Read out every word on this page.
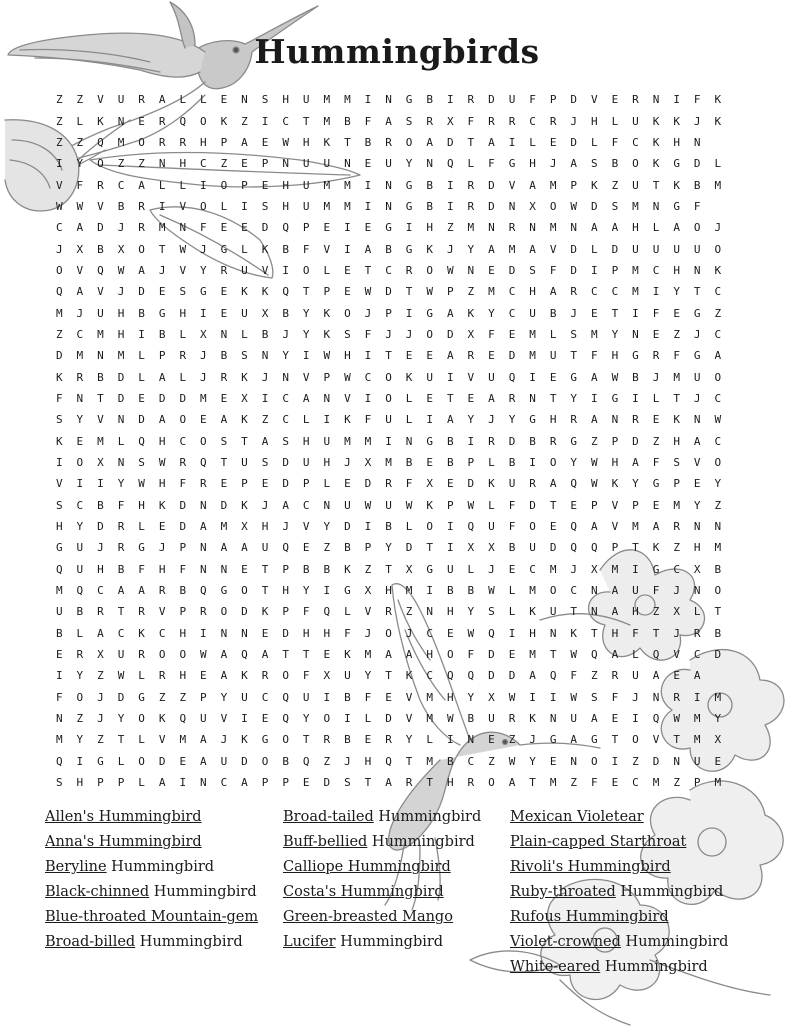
Hummingbirds
Z	Z	V	U	R	A	L	L	E	N	S	H	U	M	M	I	N	G	B	I	R	D	U	F	P	D	V	E	R	N	I	F	K
Z	L	K	N	E	R	Q	O	K	Z	I	C	T	M	B	F	A	S	R	X	F	R	R	C	R	J	H	L	U	K	K	J	K
Z	Z	Q	M	O	R	R	H	P	A	E	W	H	K	T	B	R	O	A	D	T	A	I	L	E	D	L	F	C	K	H	N
I	Y	O	Z	Z	N	H	C	Z	E	P	N	U	U	N	E	U	Y	N	Q	L	F	G	H	J	A	S	B	O	K	G	D	L
V	F	R	C	A	L	L	I	O	P	E	H	U	M	M	I	N	G	B	I	R	D	V	A	M	P	K	Z	U	T	K	B	M
W	W	V	B	R	I	V	O	L	I	S	H	U	M	M	I	N	G	B	I	R	D	N	X	O	W	D	S	M	N	G	F
C	A	D	J	R	M	N	F	E	E	D	Q	P	E	I	E	G	I	H	Z	M	N	R	N	M	N	A	A	H	L	A	O	J
J	X	B	X	O	T	W	J	G	L	K	B	F	V	I	A	B	G	K	J	Y	A	M	A	V	D	L	D	U	U	U	U	O
O	V	Q	W	A	J	V	Y	R	U	V	I	O	L	E	T	C	R	O	W	N	E	D	S	F	D	I	P	M	C	H	N	K
Q	A	V	J	D	E	S	G	E	K	K	Q	T	P	E	W	D	T	W	P	Z	M	C	H	A	R	C	C	M	I	Y	T	C
M	J	U	H	B	G	H	I	E	U	X	B	Y	K	O	J	P	I	G	A	K	Y	C	U	B	J	E	T	I	F	E	G	Z
Z	C	M	H	I	B	L	X	N	L	B	J	Y	K	S	F	J	J	O	D	X	F	E	M	L	S	M	Y	N	E	Z	J	C
D	M	N	M	L	P	R	J	B	S	N	Y	I	W	H	I	T	E	E	A	R	E	D	M	U	T	F	H	G	R	F	G	A
K	R	B	D	L	A	L	J	R	K	J	N	V	P	W	C	O	K	U	I	V	U	Q	I	E	G	A	W	B	J	M	U	O
F	N	T	D	E	D	D	M	E	X	I	C	A	N	V	I	O	L	E	T	E	A	R	N	T	Y	I	G	I	L	T	J	C
S	Y	V	N	D	A	O	E	A	K	Z	C	L	I	K	F	U	L	I	A	Y	J	Y	G	H	R	A	N	R	E	K	N	W
K	E	M	L	Q	H	C	O	S	T	A	S	H	U	M	M	I	N	G	B	I	R	D	B	R	G	Z	P	D	Z	H	A	C
I	O	X	N	S	W	R	Q	T	U	S	D	U	H	J	X	M	B	E	B	P	L	B	I	O	Y	W	H	A	F	S	V	O
V	I	I	Y	W	H	F	R	E	P	E	D	P	L	E	D	R	F	X	E	D	K	U	R	A	Q	W	K	Y	G	P	E	Y
S	C	B	F	H	K	D	N	D	K	J	A	C	N	U	W	U	W	K	P	W	L	F	D	T	E	P	V	P	E	M	Y	Z
H	Y	D	R	L	E	D	A	M	X	H	J	V	Y	D	I	B	L	O	I	Q	U	F	O	E	Q	A	V	M	A	R	N	N
G	U	J	R	G	J	P	N	A	A	U	Q	E	Z	B	P	Y	D	T	I	X	X	B	U	D	Q	Q	P	T	K	Z	H	M
Q	U	H	B	F	H	F	N	N	E	T	P	B	B	K	Z	T	X	G	U	L	J	E	C	M	J	X	M	I	G	C	X	B
M	Q	C	A	A	R	B	Q	G	O	T	H	Y	I	G	X	H	M	I	B	B	W	L	M	O	C	N	A	U	F	J	N	O
U	B	R	T	R	V	P	R	O	D	K	P	F	Q	L	V	R	Z	N	H	Y	S	L	K	U	T	N	A	H	Z	X	L	T
B	L	A	C	K	C	H	I	N	N	E	D	H	H	F	J	O	J	C	E	W	Q	I	H	N	K	T	H	F	T	J	R	B
E	R	X	U	R	O	O	W	A	Q	A	T	T	E	K	M	A	A	H	O	F	D	E	M	T	W	Q	A	L	Q	V	C	D
I	Y	Z	W	L	R	H	E	A	K	R	O	F	X	U	Y	T	K	C	Q	Q	D	D	A	Q	F	Z	R	U	A	E	A
F	O	J	D	G	Z	Z	P	Y	U	C	Q	U	I	B	F	E	V	M	H	Y	X	W	I	I	W	S	F	J	N	R	I	M
N	Z	J	Y	O	K	Q	U	V	I	E	Q	Y	O	I	L	D	V	M	W	B	U	R	K	N	U	A	E	I	Q	W	M	Y
M	Y	Z	T	L	V	M	A	J	K	G	O	T	R	B	E	R	Y	L	I	N	E	Z	J	G	A	G	T	O	V	T	M	X
Q	I	G	L	O	D	E	A	U	D	O	B	Q	Z	J	H	Q	T	M	B	C	Z	W	Y	E	N	O	I	Z	D	N	U	E
S	H	P	P	L	A	I	N	C	A	P	P	E	D	S	T	A	R	T	H	R	O	A	T	M	Z	F	E	C	M	Z	P	M
Allen's Hummingbird
Anna's Hummingbird
Beryline Hummingbird
Black-chinned Hummingbird
Blue-throated Mountain-gem
Broad-billed Hummingbird
Broad-tailed Hummingbird
Buff-bellied Hummingbird
Calliope Hummingbird
Costa's Hummingbird
Green-breasted Mango
Lucifer Hummingbird
Mexican Violetear
Plain-capped Starthroat
Rivoli's Hummingbird
Ruby-throated Hummingbird
Rufous Hummingbird
Violet-crowned Hummingbird
White-eared Hummingbird
